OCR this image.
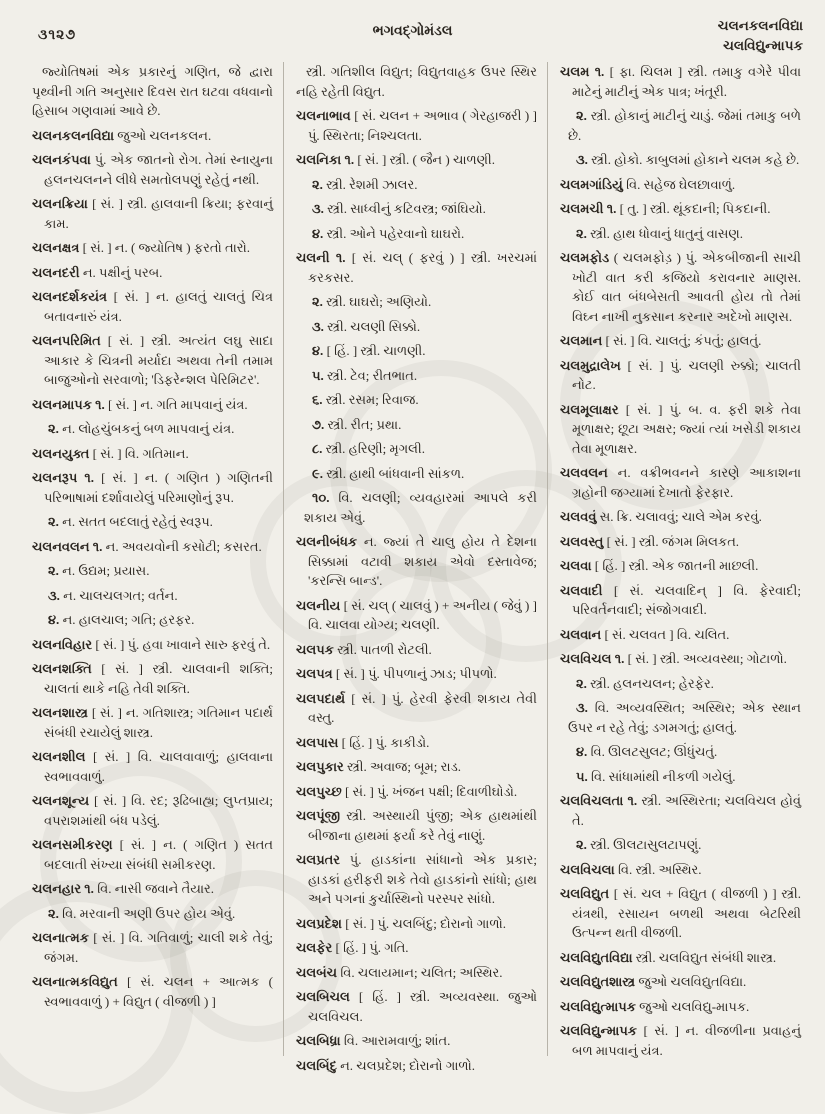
૩૧૨૭	ભગવદ્ગોમંડલ	ચલનકલનવિદ્યા
ચલવિદ્યુન્માપક

જ્યોતિષમાં એક પ્રકારનું ગણિત, જે દ્વારા પૃથ્વીની ગતિ અનુસાર દિવસ રાત ઘટવા વધવાનો હિસાબ ગણવામાં આવે છે.

ચલનકલનવિદ્યા જુઓ ચલનકલન.

ચલનકંપવા પું. એક જાતનો રોગ. તેમાં સ્નાયુના હલનચલનને લીધે સમતોલપણું રહેતું નથી.

ચલનક્રિયા [ સં. ] સ્ત્રી. હાલવાની ક્રિયા; ફરવાનું કામ.

ચલનક્ષત્ર [ સં. ] ન. ( જ્યોતિષ ) ફરતો તારો.

ચલનદરી ન. પક્ષીનું પરબ.

ચલનદર્શકયંત્ર [ સં. ] ન. હાલતું ચાલતું ચિત્ર બતાવનારું યંત્ર.

ચલનપરિમિત [ સં. ] સ્ત્રી. અત્યંત લઘુ સાદા આકાર કે ચિત્રની મર્યાદા અથવા તેની તમામ બાજુઓનો સરવાળો; 'ડિફરેન્શલ પેરિમિટર'.

ચલનમાપક ૧. [ સં. ] ન. ગતિ માપવાનું યંત્ર.

૨. ન. લોહચુંબકનું બળ માપવાનું યંત્ર.

ચલનયુક્ત [ સં. ] વિ. ગતિમાન.

ચલનરૂપ ૧. [ સં. ] ન. ( ગણિત ) ગણિતની પરિભાષામાં દર્શાવાયેલું પરિમાણોનું રૂપ.

૨. ન. સતત બદલાતું રહેતું સ્વરૂપ.

ચલનવલન ૧. ન. અવયવોની કસોટી; કસરત.

૨. ન. ઉદ્યમ; પ્રયાસ.

૩. ન. ચાલચલગત; વર્તન.

૪. ન. હાલચાલ; ગતિ; હરફર.

ચલનવિહાર [ સં. ] પું. હવા ખાવાને સારુ ફરવું તે.

ચલનશક્તિ [ સં. ] સ્ત્રી. ચાલવાની શક્તિ; ચાલતાં થાકે નહિ તેવી શક્તિ.

ચલનશાસ્ત્ર [ સં. ] ન. ગતિશાસ્ત્ર; ગતિમાન પદાર્થ સંબંધી રચાયેલું શાસ્ત્ર.

ચલનશીલ [ સં. ] વિ. ચાલવાવાળું; હાલવાના સ્વભાવવાળું.

ચલનશૂન્ય [ સં. ] વિ. રદ; રૂઢિબાહ્ય; લુપ્તપ્રાય; વપરાશમાંથી બંધ પડેલું.

ચલનસમીકરણ [ સં. ] ન. ( ગણિત ) સતત બદલાતી સંખ્યા સંબંધી સમીકરણ.

ચલનહાર ૧. વિ. નાસી જવાને તૈયાર.

૨. વિ. મરવાની અણી ઉપર હોય એવું.

ચલનાત્મક [ સં. ] વિ. ગતિવાળું; ચાલી શકે તેવું; જંગમ.

ચલનાત્મકવિદ્યુત [ સં. ચલન + આત્મક ( સ્વભાવવાળું ) + વિદ્યુત ( વીજળી ) ]

સ્ત્રી. ગતિશીલ વિદ્યુત; વિદ્યુતવાહક ઉપર સ્થિર નહિ રહેતી વિદ્યુત.

ચલનાભાવ [ સં. ચલન + અભાવ ( ગેરહાજરી ) ] પું. સ્થિરતા; નિશ્ચલતા.

ચલનિકા ૧. [ સં. ] સ્ત્રી. ( જૈન ) ચાળણી.

૨. સ્ત્રી. રેશમી ઝાલર.

૩. સ્ત્રી. સાધ્વીનું કટિવસ્ત્ર; જાંઘિયો.

૪. સ્ત્રી. ઓને પહેરવાનો ઘાઘરો.

ચલની ૧. [ સં. ચલ્ ( ફરવું ) ] સ્ત્રી. ખરચમાં કરકસર.

૨. સ્ત્રી. ઘાઘરો; અણિયો.

૩. સ્ત્રી. ચલણી સિક્કો.

૪. [ હિં. ] સ્ત્રી. ચાળણી.

૫. સ્ત્રી. ટેવ; રીતભાત.

૬. સ્ત્રી. રસમ; રિવાજ.

૭. સ્ત્રી. રીત; પ્રથા.

૮. સ્ત્રી. હરિણી; મૃગલી.

૯. સ્ત્રી. હાથી બાંધવાની સાંકળ.

૧૦. વિ. ચલણી; વ્યવહારમાં આપલે કરી શકાય એવું.

ચલનીબંધક ન. જ્યાં તે ચાલુ હોય તે દેશના સિક્કામાં વટાવી શકાય એવો દસ્તાવેજ; 'કરન્સિ બાન્ડ'.

ચલનીય [ સં. ચલ્ ( ચાલવું ) + અનીય ( જેવું ) ] વિ. ચાલવા યોગ્ય; ચલણી.

ચલપક સ્ત્રી. પાતળી રોટલી.

ચલપત્ર [ સં. ] પું. પીપળાનું ઝાડ; પીપળો.

ચલપદાર્થ [ સં. ] પું. હેરવી ફેરવી શકાય તેવી વસ્તુ.

ચલપાસ [ હિં. ] પું. કાકીડો.

ચલપુકાર સ્ત્રી. અવાજ; બૂમ; રાડ.

ચલપુચ્છ [ સં. ] પું. ખંજન પક્ષી; દિવાળીઘોડો.

ચલપૂંજી સ્ત્રી. અસ્થાયી પુંજી; એક હાથમાંથી બીજાના હાથમાં ફર્યા કરે તેવું નાણું.

ચલપ્રતર પું. હાડકાંના સાંધાનો એક પ્રકાર; હાડકાં હરીફરી શકે તેવો હાડકાંનો સાંધો; હાથ અને પગનાં કુર્ચાસ્થિનો પરસ્પર સાંધો.

ચલપ્રદેશ [ સં. ] પું. ચલબિંદુ; દોરાનો ગાળો.

ચલફેર [ હિં. ] પું. ગતિ.

ચલબંચ વિ. ચલાયમાન; ચલિત; અસ્થિર.

ચલબિચલ [ હિં. ] સ્ત્રી. અવ્યવસ્થા. જુઓ ચલવિચલ.

ચલબિધ્રા વિ. આરામવાળું; શાંત.

ચલબિંદુ ન. ચલપ્રદેશ; દોરાનો ગાળો.

ચલમ ૧. [ ફા. ચિલમ ] સ્ત્રી. તમાકુ વગેરે પીવા માટેનું માટીનું એક પાત્ર; ખંતૂરી.

૨. સ્ત્રી. હોકાનું માટીનું ચાડું. જેમાં તમાકુ બળે છે.

૩. સ્ત્રી. હોકો. કાબુલમાં હોકાને ચલમ કહે છે.

ચલમગાંડિયું વિ. સહેજ ઘેલછાવાળું.

ચલમચી ૧. [ તુ. ] સ્ત્રી. થૂંકદાની; પિકદાની.

૨. સ્ત્રી. હાથ ધોવાનું ધાતુનું વાસણ.

ચલમફોડ ( ચલમફોડ઼ ) પું. એકબીજાની સાચી ખોટી વાત કરી કજિયો કરાવનાર માણસ. કોઈ વાત બંધબેસતી આવતી હોય તો તેમાં વિઘ્ન નાખી નુકસાન કરનાર અદેખો માણસ.

ચલમાન [ સં. ] વિ. ચાલતું; કંપતું; હાલતું.

ચલમુદ્રાલેખ [ સં. ] પું. ચલણી રુક્કો; ચાલતી નોટ.

ચલમૂલાક્ષર [ સં. ] પું. બ. વ. ફરી શકે તેવા મૂળાક્ષર; છૂટા અક્ષર; જ્યાં ત્યાં ખસેડી શકાય તેવા મૂળાક્ષર.

ચલવલન ન. વક્રીભવનને કારણે આકાશના ગ્રહોની જગ્યામાં દેખાતો ફેરફાર.

ચલવવું સ. ક્રિ. ચલાવવું; ચાલે એમ કરવું.

ચલવસ્તુ [ સં. ] સ્ત્રી. જંગમ મિલકત.

ચલવા [ હિં. ] સ્ત્રી. એક જાતની માછલી.

ચલવાદી [ સં. ચલવાદિન્ ] વિ. ફેરવાદી; પરિવર્તનવાદી; સંજોગવાદી.

ચલવાન [ સં. ચલવત ] વિ. ચલિત.

ચલવિચલ ૧. [ સં. ] સ્ત્રી. અવ્યવસ્થા; ગોટાળો.

૨. સ્ત્રી. હલનચલન; હેરફેર.

૩. વિ. અવ્યવસ્થિત; અસ્થિર; એક સ્થાન ઉપર ન રહે તેવું; ડગમગતું; હાલતું.

૪. વિ. ઊલટસુલટ; ઊંધુંચતું.

૫. વિ. સાંધામાંથી નીકળી ગયેલું.

ચલવિચલતા ૧. સ્ત્રી. અસ્થિરતા; ચલવિચલ હોવું તે.

૨. સ્ત્રી. ઊલટાસુલટાપણું.

ચલવિચલા વિ. સ્ત્રી. અસ્થિર.

ચલવિદ્યુત [ સં. ચલ + વિદ્યુત ( વીજળી ) ] સ્ત્રી. યંત્રથી, રસાયન બળથી અથવા બેટરિથી ઉત્પન્ન થતી વીજળી.

ચલવિદ્યુતવિદ્યા સ્ત્રી. ચલવિદ્યુત સંબંધી શાસ્ત્ર.

ચલવિદ્યુતશાસ્ત્ર જુઓ ચલવિદ્યુતવિદ્યા.

ચલવિદ્યુત્માપક જુઓ ચલવિદ્યુ-માપક.

ચલવિદ્યુન્માપક [ સં. ] ન. વીજળીના પ્રવાહનું બળ માપવાનું યંત્ર.
